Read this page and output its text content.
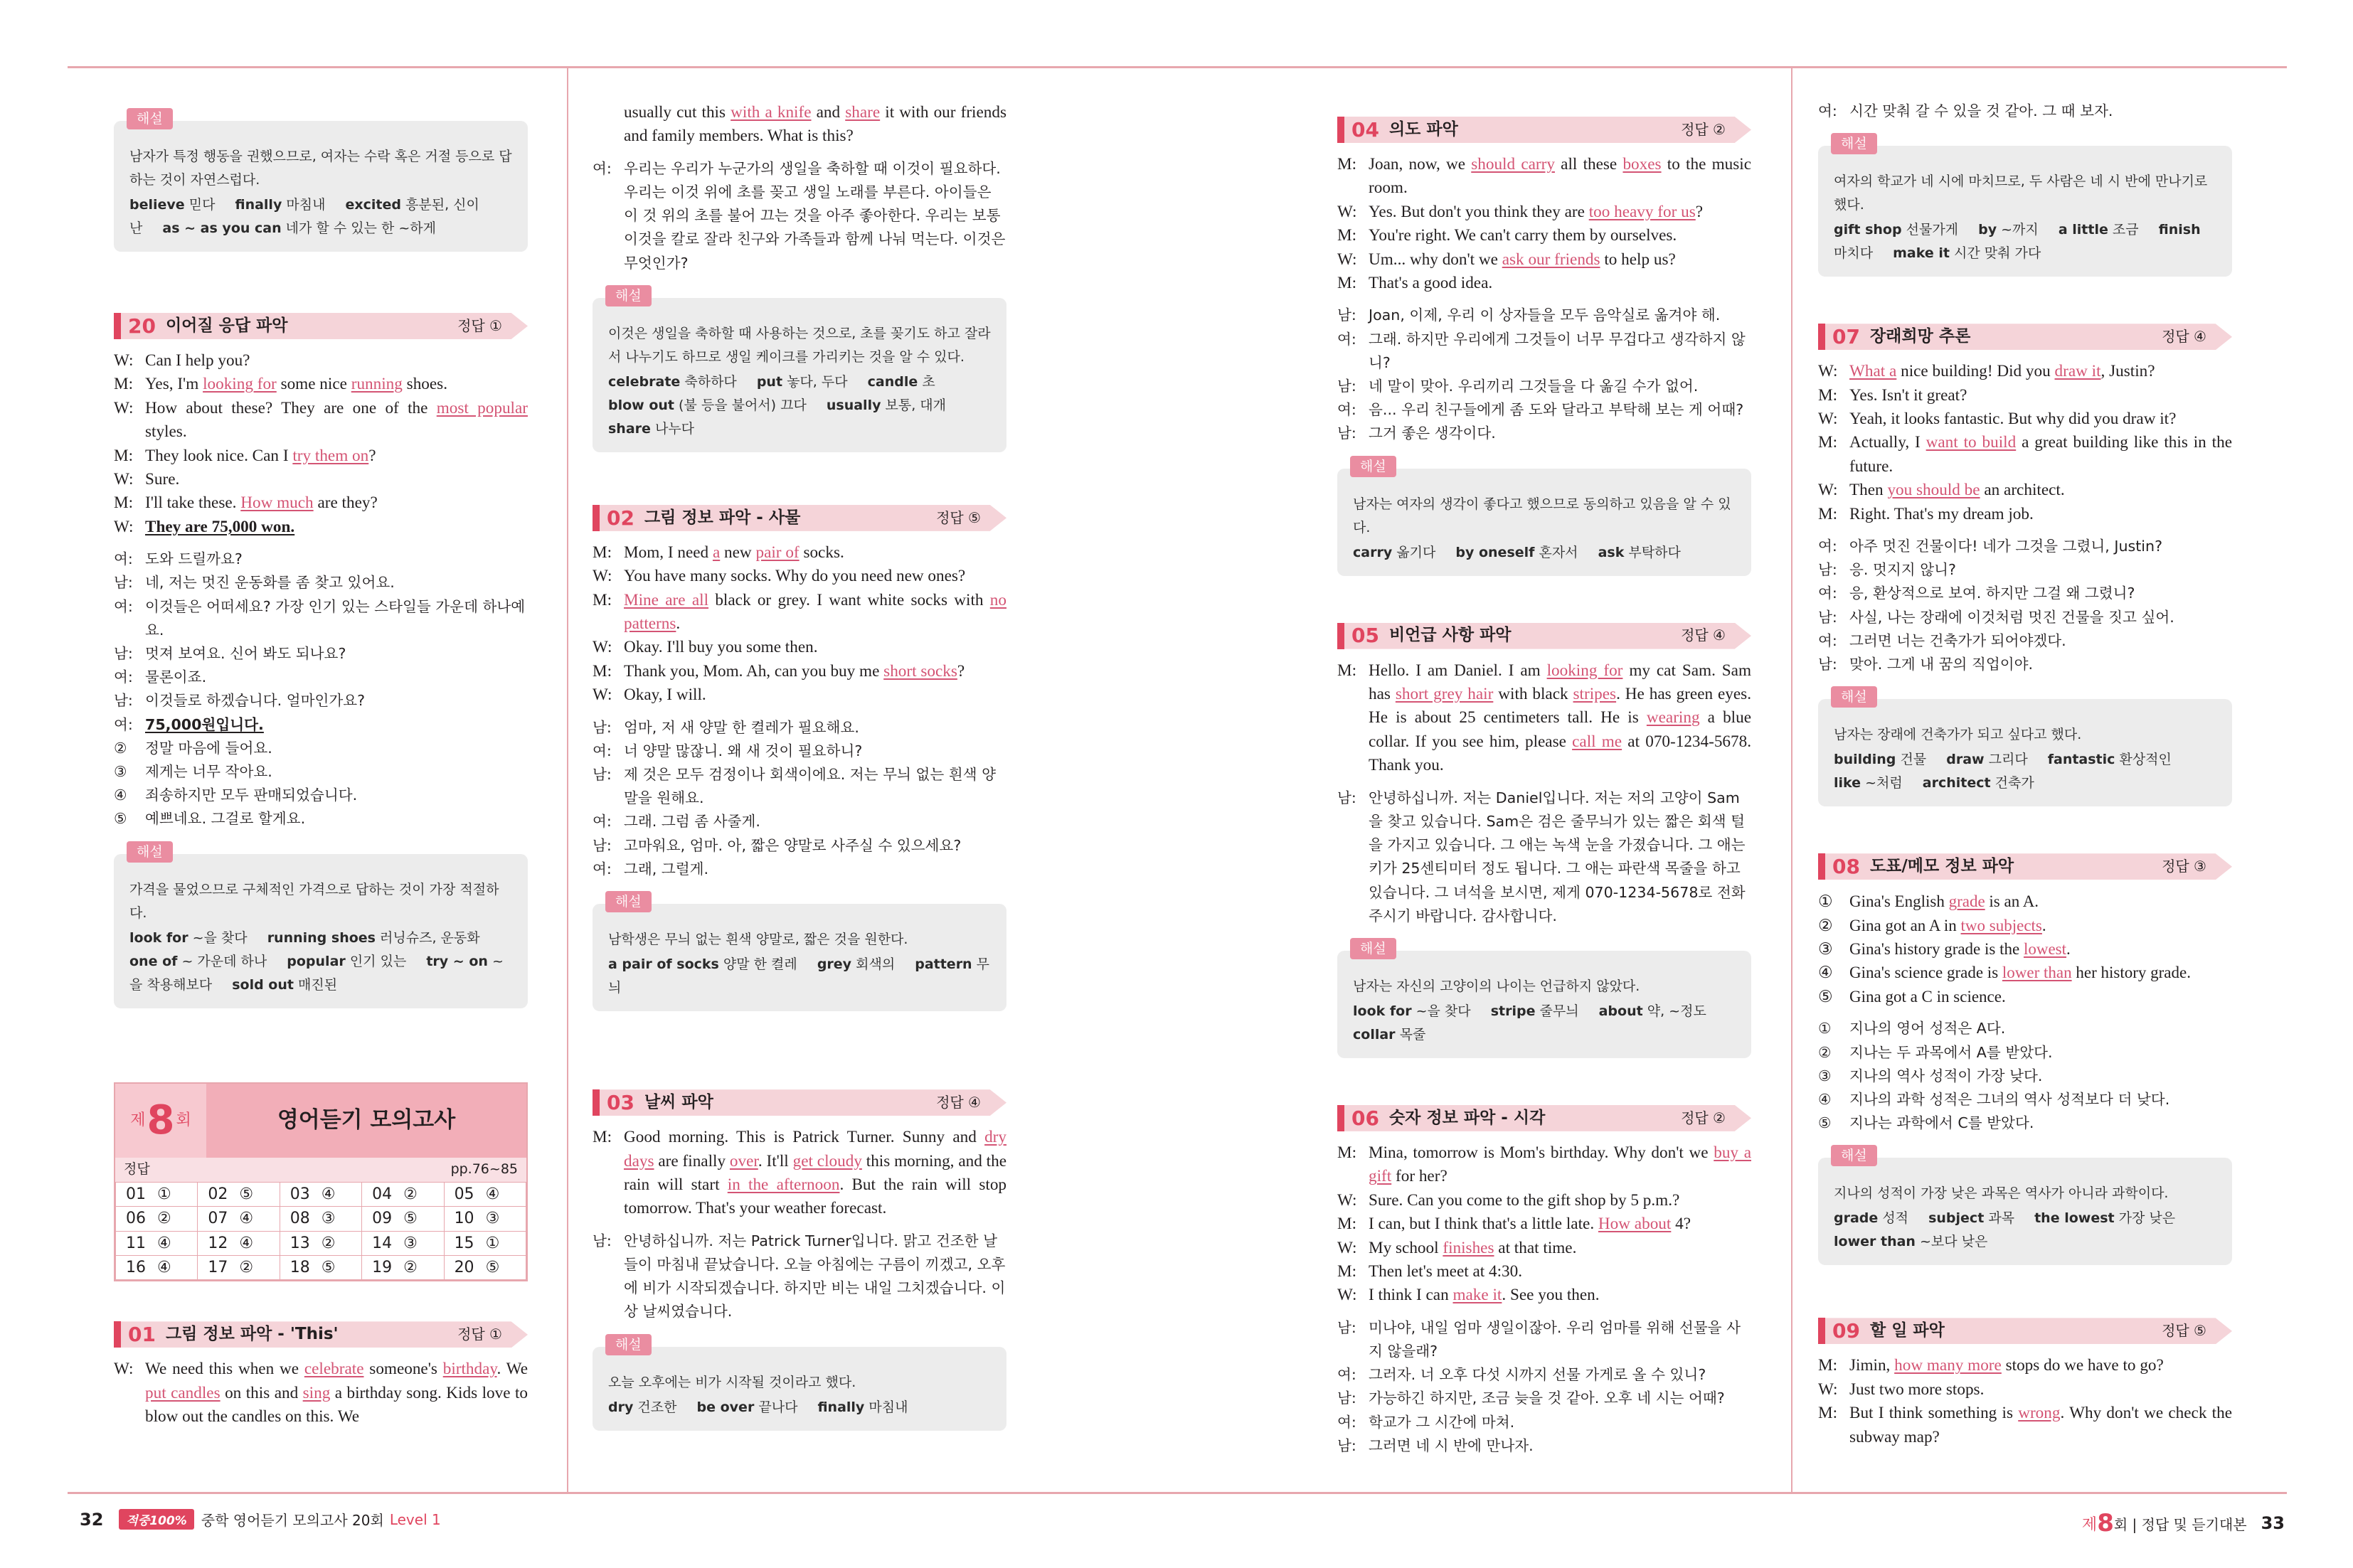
해설
남자가 특정 행동을 권했으므로, 여자는 수락 혹은 거절 등으로 답하는 것이 자연스럽다.
believe 믿다 finally 마침내 excited 흥분된, 신이 난 as ~ as you can 네가 할 수 있는 한 ~하게
20 이어질 응답 파악	정답 ①

W: Can I help you?

M: Yes, I'm looking for some nice running shoes.

W: How about these? They are one of the most popular styles.

M: They look nice. Can I try them on?

W: Sure.

M: I'll take these. How much are they?

W: They are 75,000 won.

여: 도와 드릴까요?

남: 네, 저는 멋진 운동화를 좀 찾고 있어요.

여: 이것들은 어떠세요? 가장 인기 있는 스타일들 가운데 하나예요.

남: 멋져 보여요. 신어 봐도 되나요?

여: 물론이죠.

남: 이것들로 하겠습니다. 얼마인가요?

여: 75,000원입니다.

② 정말 마음에 들어요.

③ 제게는 너무 작아요.

④ 죄송하지만 모두 판매되었습니다.

⑤ 예쁘네요. 그걸로 할게요.

해설
가격을 물었으므로 구체적인 가격으로 답하는 것이 가장 적절하다.
look for ~을 찾다 running shoes 러닝슈즈, 운동화 one of ~ 가운데 하나 popular 인기 있는 try ~ on ~을 착용해보다 sold out 매진된
제 8 회	영어듣기 모의고사
정답	pp.76~85
01 ①	02 ⑤	03 ④	04 ②	05 ④
06 ②	07 ④	08 ③	09 ⑤	10 ③
11 ④	12 ④	13 ②	14 ③	15 ①
16 ④	17 ②	18 ⑤	19 ②	20 ⑤
01 그림 정보 파악 - 'This'	정답 ①

W: We need this when we celebrate someone's birthday. We put candles on this and sing a birthday song. Kids love to blow out the candles on this. We

usually cut this with a knife and share it with our friends and family members. What is this?

여: 우리는 우리가 누군가의 생일을 축하할 때 이것이 필요하다. 우리는 이것 위에 초를 꽂고 생일 노래를 부른다. 아이들은 이 것 위의 초를 불어 끄는 것을 아주 좋아한다. 우리는 보통 이것을 칼로 잘라 친구와 가족들과 함께 나눠 먹는다. 이것은 무엇인가?

해설
이것은 생일을 축하할 때 사용하는 것으로, 초를 꽂기도 하고 잘라서 나누기도 하므로 생일 케이크를 가리키는 것을 알 수 있다.
celebrate 축하하다 put 놓다, 두다 candle 초 blow out (불 등을 불어서) 끄다 usually 보통, 대개 share 나누다
02 그림 정보 파악 - 사물	정답 ⑤

M: Mom, I need a new pair of socks.

W: You have many socks. Why do you need new ones?

M: Mine are all black or grey. I want white socks with no patterns.

W: Okay. I'll buy you some then.

M: Thank you, Mom. Ah, can you buy me short socks?

W: Okay, I will.

남: 엄마, 저 새 양말 한 켤레가 필요해요.

여: 너 양말 많잖니. 왜 새 것이 필요하니?

남: 제 것은 모두 검정이나 회색이에요. 저는 무늬 없는 흰색 양말을 원해요.

여: 그래. 그럼 좀 사줄게.

남: 고마워요, 엄마. 아, 짧은 양말로 사주실 수 있으세요?

여: 그래, 그럴게.

해설
남학생은 무늬 없는 흰색 양말로, 짧은 것을 원한다.
a pair of socks 양말 한 켤레 grey 회색의 pattern 무늬
03 날씨 파악	정답 ④

M: Good morning. This is Patrick Turner. Sunny and dry days are finally over. It'll get cloudy this morning, and the rain will start in the afternoon. But the rain will stop tomorrow. That's your weather forecast.

남: 안녕하십니까. 저는 Patrick Turner입니다. 맑고 건조한 날들이 마침내 끝났습니다. 오늘 아침에는 구름이 끼겠고, 오후에 비가 시작되겠습니다. 하지만 비는 내일 그치겠습니다. 이상 날씨였습니다.

해설
오늘 오후에는 비가 시작될 것이라고 했다.
dry 건조한 be over 끝나다 finally 마침내
04 의도 파악	정답 ②

M: Joan, now, we should carry all these boxes to the music room.

W: Yes. But don't you think they are too heavy for us?

M: You're right. We can't carry them by ourselves.

W: Um... why don't we ask our friends to help us?

M: That's a good idea.

남: Joan, 이제, 우리 이 상자들을 모두 음악실로 옮겨야 해.

여: 그래. 하지만 우리에게 그것들이 너무 무겁다고 생각하지 않니?

남: 네 말이 맞아. 우리끼리 그것들을 다 옮길 수가 없어.

여: 음... 우리 친구들에게 좀 도와 달라고 부탁해 보는 게 어때?

남: 그거 좋은 생각이다.

해설
남자는 여자의 생각이 좋다고 했으므로 동의하고 있음을 알 수 있다.
carry 옮기다 by oneself 혼자서 ask 부탁하다
05 비언급 사항 파악	정답 ④

M: Hello. I am Daniel. I am looking for my cat Sam. Sam has short grey hair with black stripes. He has green eyes. He is about 25 centimeters tall. He is wearing a blue collar. If you see him, please call me at 070-1234-5678. Thank you.

남: 안녕하십니까. 저는 Daniel입니다. 저는 저의 고양이 Sam을 찾고 있습니다. Sam은 검은 줄무늬가 있는 짧은 회색 털을 가지고 있습니다. 그 애는 녹색 눈을 가졌습니다. 그 애는 키가 25센티미터 정도 됩니다. 그 애는 파란색 목줄을 하고 있습니다. 그 녀석을 보시면, 제게 070-1234-5678로 전화주시기 바랍니다. 감사합니다.

해설
남자는 자신의 고양이의 나이는 언급하지 않았다.
look for ~을 찾다 stripe 줄무늬 about 약, ~정도 collar 목줄
06 숫자 정보 파악 - 시각	정답 ②

M: Mina, tomorrow is Mom's birthday. Why don't we buy a gift for her?

W: Sure. Can you come to the gift shop by 5 p.m.?

M: I can, but I think that's a little late. How about 4?

W: My school finishes at that time.

M: Then let's meet at 4:30.

W: I think I can make it. See you then.

남: 미나야, 내일 엄마 생일이잖아. 우리 엄마를 위해 선물을 사지 않을래?

여: 그러자. 너 오후 다섯 시까지 선물 가게로 올 수 있니?

남: 가능하긴 하지만, 조금 늦을 것 같아. 오후 네 시는 어때?

여: 학교가 그 시간에 마쳐.

남: 그러면 네 시 반에 만나자.

여: 시간 맞춰 갈 수 있을 것 같아. 그 때 보자.

해설
여자의 학교가 네 시에 마치므로, 두 사람은 네 시 반에 만나기로 했다.
gift shop 선물가게 by ~까지 a little 조금 finish 마치다 make it 시간 맞춰 가다
07 장래희망 추론	정답 ④

W: What a nice building! Did you draw it, Justin?

M: Yes. Isn't it great?

W: Yeah, it looks fantastic. But why did you draw it?

M: Actually, I want to build a great building like this in the future.

W: Then you should be an architect.

M: Right. That's my dream job.

여: 아주 멋진 건물이다! 네가 그것을 그렸니, Justin?

남: 응. 멋지지 않니?

여: 응, 환상적으로 보여. 하지만 그걸 왜 그렸니?

남: 사실, 나는 장래에 이것처럼 멋진 건물을 짓고 싶어.

여: 그러면 너는 건축가가 되어야겠다.

남: 맞아. 그게 내 꿈의 직업이야.

해설
남자는 장래에 건축가가 되고 싶다고 했다.
building 건물 draw 그리다 fantastic 환상적인 like ~처럼 architect 건축가
08 도표/메모 정보 파악	정답 ③

① Gina's English grade is an A.

② Gina got an A in two subjects.

③ Gina's history grade is the lowest.

④ Gina's science grade is lower than her history grade.

⑤ Gina got a C in science.

① 지나의 영어 성적은 A다.

② 지나는 두 과목에서 A를 받았다.

③ 지나의 역사 성적이 가장 낮다.

④ 지나의 과학 성적은 그녀의 역사 성적보다 더 낮다.

⑤ 지나는 과학에서 C를 받았다.

해설
지나의 성적이 가장 낮은 과목은 역사가 아니라 과학이다.
grade 성적 subject 과목 the lowest 가장 낮은 lower than ~보다 낮은
09 할 일 파악	정답 ⑤

M: Jimin, how many more stops do we have to go?

W: Just two more stops.

M: But I think something is wrong. Why don't we check the subway map?

32	적중100%	중학 영어듣기 모의고사 20회 Level 1	제 8 회 | 정답 및 듣기대본 33
